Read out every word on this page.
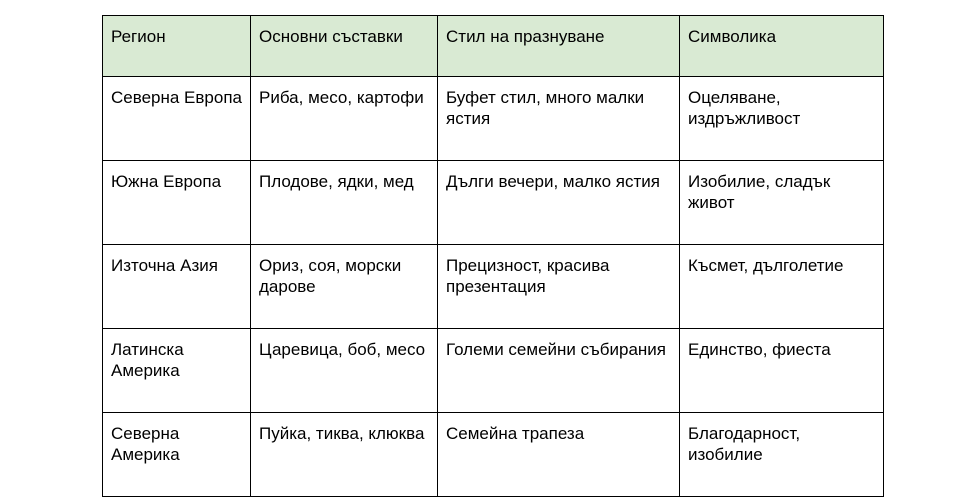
Регион	Основни съставки	Стил на празнуване	Символика
Северна Европа	Риба, месо, картофи	Буфет стил, много малки ястия	Оцеляване, издръжливост
Южна Европа	Плодове, ядки, мед	Дълги вечери, малко ястия	Изобилие, сладък живот
Източна Азия	Ориз, соя, морски дарове	Прецизност, красива презентация	Късмет, дълголетие
Латинска Америка	Царевица, боб, месо	Големи семейни събирания	Единство, фиеста
Северна Америка	Пуйка, тиква, клюква	Семейна трапеза	Благодарност, изобилие
